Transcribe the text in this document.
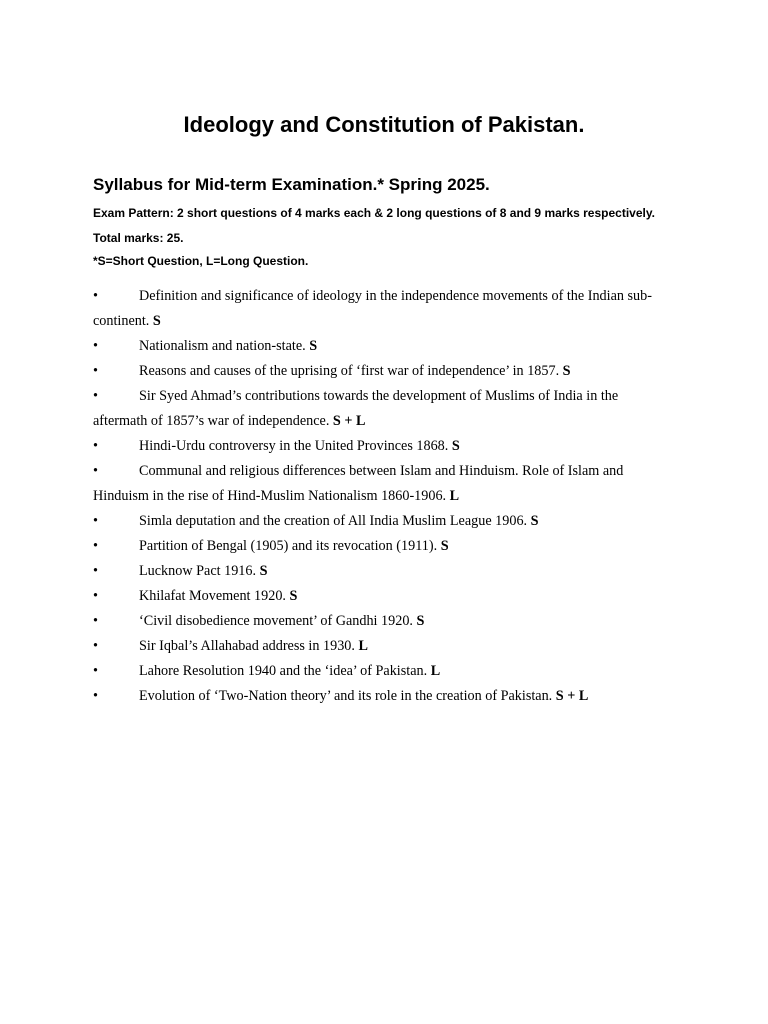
Ideology and Constitution of Pakistan.
Syllabus for Mid-term Examination.* Spring 2025.

Exam Pattern: 2 short questions of 4 marks each & 2 long questions of 8 and 9 marks respectively. Total marks: 25.

*S=Short Question, L=Long Question.

•	Definition and significance of ideology in the independence movements of the Indian sub-continent. S
•	Nationalism and nation-state. S
•	Reasons and causes of the uprising of ‘first war of independence’ in 1857. S
•	Sir Syed Ahmad’s contributions towards the development of Muslims of India in the aftermath of 1857’s war of independence. S + L
•	Hindi-Urdu controversy in the United Provinces 1868. S
•	Communal and religious differences between Islam and Hinduism. Role of Islam and Hinduism in the rise of Hind-Muslim Nationalism 1860-1906. L
•	Simla deputation and the creation of All India Muslim League 1906. S
•	Partition of Bengal (1905) and its revocation (1911). S
•	Lucknow Pact 1916. S
•	Khilafat Movement 1920. S
•	‘Civil disobedience movement’ of Gandhi 1920. S
•	Sir Iqbal’s Allahabad address in 1930. L
•	Lahore Resolution 1940 and the ‘idea’ of Pakistan. L
•	Evolution of ‘Two-Nation theory’ and its role in the creation of Pakistan. S + L
